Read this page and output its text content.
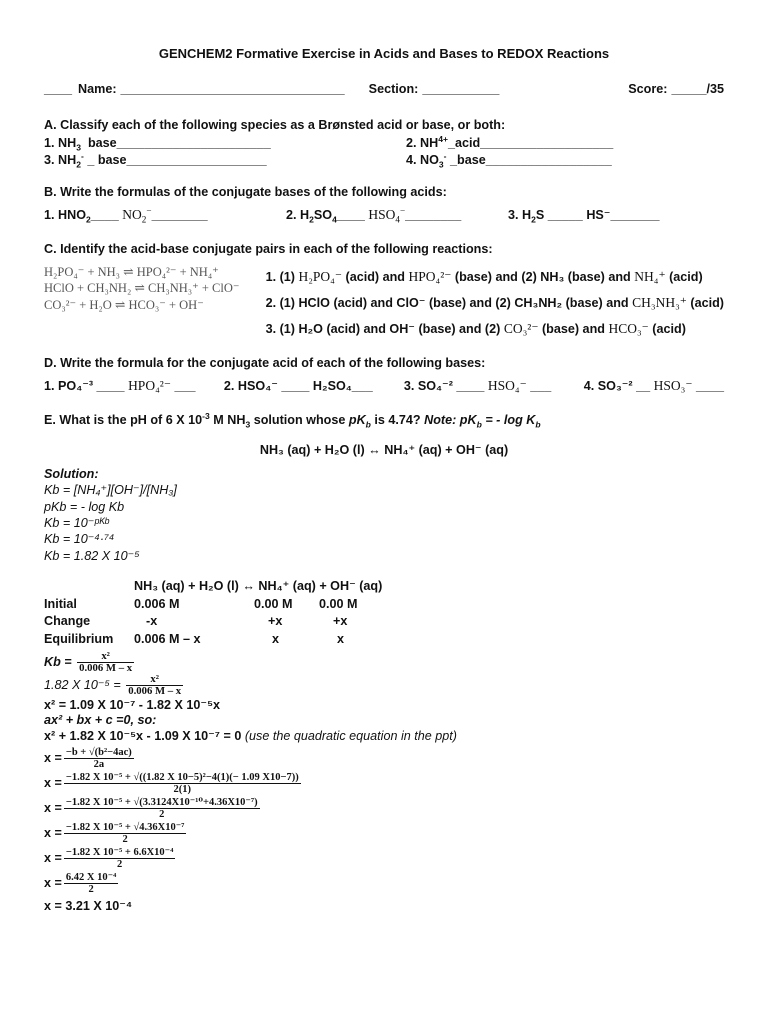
GENCHEM2 Formative Exercise in Acids and Bases to REDOX Reactions
____ Name: ________________________________ Section: ___________	Score: _____/35
A. Classify each of the following species as a Brønsted acid or base, or both:
1. $NH_3$ base______________________	2. $NH^{4+}\_acid\_\_\_\_\_\_\_\_\_\_\_\_\_\_\_\_\_\_\_$
3. $NH_2^-$ _ base____________________	4. $NO_3^-$ _base__________________
B. Write the formulas of the conjugate bases of the following acids:
1. $HNO_2\_\_\_\_$ $NO_2^-\_\_\_\_\_\_\_\_$	2. $H_2SO_4\_\_\_\_$ $HSO_4^-\_\_\_\_\_\_\_\_$	3. $H_2S$ _____ HS⁻_______
C. Identify the acid-base conjugate pairs in each of the following reactions:
H₂PO₄⁻ + NH₃ ⇌ HPO₄²⁻ + NH₄⁺
HClO + CH₃NH₂ ⇌ CH₃NH₃⁺ + ClO⁻
CO₃²⁻ + H₂O ⇌ HCO₃⁻ + OH⁻
1. (1) H₂PO₄⁻ (acid) and HPO₄²⁻ (base) and (2) NH₃ (base) and NH₄⁺ (acid)
2. (1) HClO (acid) and ClO⁻ (base) and (2) CH₃NH₂ (base) and CH₃NH₃⁺ (acid)
3. (1) H₂O (acid) and OH⁻ (base) and (2) CO₃²⁻ (base) and HCO₃⁻ (acid)
D. Write the formula for the conjugate acid of each of the following bases:
1. PO₄⁻³ ____ HPO₄²⁻ ___	2. HSO₄⁻ ____ H₂SO₄___	3. SO₄⁻² ____ HSO₄⁻ ___	4. SO₃⁻² __ HSO₃⁻ ____
E. What is the pH of 6 X $10^{-3}$ M $NH_3$ solution whose $pK_b$ is 4.74? Note: $pK_b$ = - $\log K_b$
NH₃ (aq) + H₂O (l) ↔ NH₄⁺ (aq) + OH⁻ (aq)
Solution:
Kb = [NH₄⁺][OH⁻]/[NH₃]
pKb = - log Kb
Kb = 10⁻ᵖᴷᵇ
Kb = 10⁻⁴·⁷⁴
Kb = 1.82 X 10⁻⁵
NH₃ (aq) + H₂O (l) ↔ NH₄⁺ (aq) + OH⁻ (aq)
Initial	0.006 M	0.00 M	0.00 M
Change	-x	+x	+x
Equilibrium	0.006 M – x	x	x
$Kb = \frac{\text{x²}}{0.006 M - x}$
1.82 X $10^{-5} = \frac{\text{x²}}{0.006 M - x}$
x² = 1.09 X 10⁻⁷ - 1.82 X 10⁻⁵x
ax² + bx + c =0, so:
x² + 1.82 X 10⁻⁵x - 1.09 X 10⁻⁷ = 0 (use the quadratic equation in the ppt)
$x = \frac{\text{−b + √(b²−4ac)}}{2a}$
$x = \frac{\text{−1.82 X 10⁻⁵ + √((1.82 X 10−5)²−4(1)(− 1.09 X10−7))}}{2(1)}$
$x = \frac{\text{−1.82 X 10⁻⁵ + √(3.3124X10⁻¹⁰+4.36X10⁻⁷)}}{2}$
$x = \frac{\text{−1.82 X 10⁻⁵ + √4.36X10⁻⁷}}{2}$
$x = \frac{\text{−1.82 X 10⁻⁵ + 6.6X10⁻⁴}}{2}$
$x = \frac{\text{6.42 X 10⁻⁴}}{2}$
x = 3.21 X 10⁻⁴
